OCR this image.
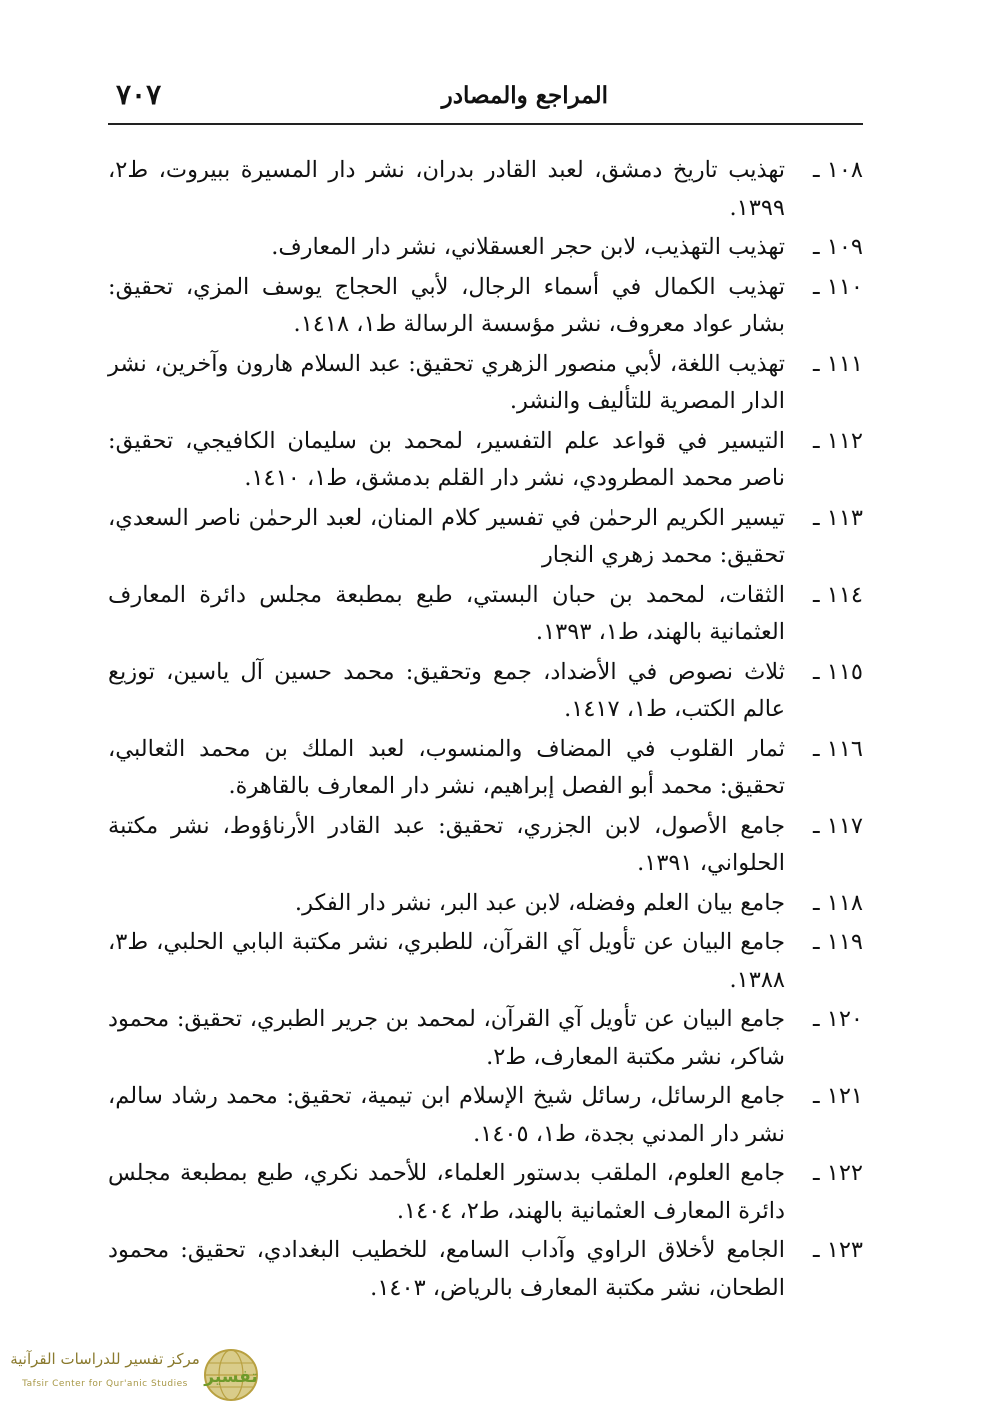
المراجع والمصادر
٧٠٧
١٠٨ ـ
تهذيب تاريخ دمشق، لعبد القادر بدران، نشر دار المسيرة ببيروت، ط٢، ١٣٩٩.
١٠٩ ـ
تهذيب التهذيب، لابن حجر العسقلاني، نشر دار المعارف.
١١٠ ـ
تهذيب الكمال في أسماء الرجال، لأبي الحجاج يوسف المزي، تحقيق: بشار عواد معروف، نشر مؤسسة الرسالة ط١، ١٤١٨.
١١١ ـ
تهذيب اللغة، لأبي منصور الزهري تحقيق: عبد السلام هارون وآخرين، نشر الدار المصرية للتأليف والنشر.
١١٢ ـ
التيسير في قواعد علم التفسير، لمحمد بن سليمان الكافيجي، تحقيق: ناصر محمد المطرودي، نشر دار القلم بدمشق، ط١، ١٤١٠.
١١٣ ـ
تيسير الكريم الرحمٰن في تفسير كلام المنان، لعبد الرحمٰن ناصر السعدي، تحقيق: محمد زهري النجار
١١٤ ـ
الثقات، لمحمد بن حبان البستي، طبع بمطبعة مجلس دائرة المعارف العثمانية بالهند، ط١، ١٣٩٣.
١١٥ ـ
ثلاث نصوص في الأضداد، جمع وتحقيق: محمد حسين آل ياسين، توزيع عالم الكتب، ط١، ١٤١٧.
١١٦ ـ
ثمار القلوب في المضاف والمنسوب، لعبد الملك بن محمد الثعالبي، تحقيق: محمد أبو الفصل إبراهيم، نشر دار المعارف بالقاهرة.
١١٧ ـ
جامع الأصول، لابن الجزري، تحقيق: عبد القادر الأرناؤوط، نشر مكتبة الحلواني، ١٣٩١.
١١٨ ـ
جامع بيان العلم وفضله، لابن عبد البر، نشر دار الفكر.
١١٩ ـ
جامع البيان عن تأويل آي القرآن، للطبري، نشر مكتبة البابي الحلبي، ط٣، ١٣٨٨.
١٢٠ ـ
جامع البيان عن تأويل آي القرآن، لمحمد بن جرير الطبري، تحقيق: محمود شاكر، نشر مكتبة المعارف، ط٢.
١٢١ ـ
جامع الرسائل، رسائل شيخ الإسلام ابن تيمية، تحقيق: محمد رشاد سالم، نشر دار المدني بجدة، ط١، ١٤٠٥.
١٢٢ ـ
جامع العلوم، الملقب بدستور العلماء، للأحمد نكري، طبع بمطبعة مجلس دائرة المعارف العثمانية بالهند، ط٢، ١٤٠٤.
١٢٣ ـ
الجامع لأخلاق الراوي وآداب السامع، للخطيب البغدادي، تحقيق: محمود الطحان، نشر مكتبة المعارف بالرياض، ١٤٠٣.
مركز تفسير للدراسات القرآنية
Tafsir Center for Qur'anic Studies تفسير
